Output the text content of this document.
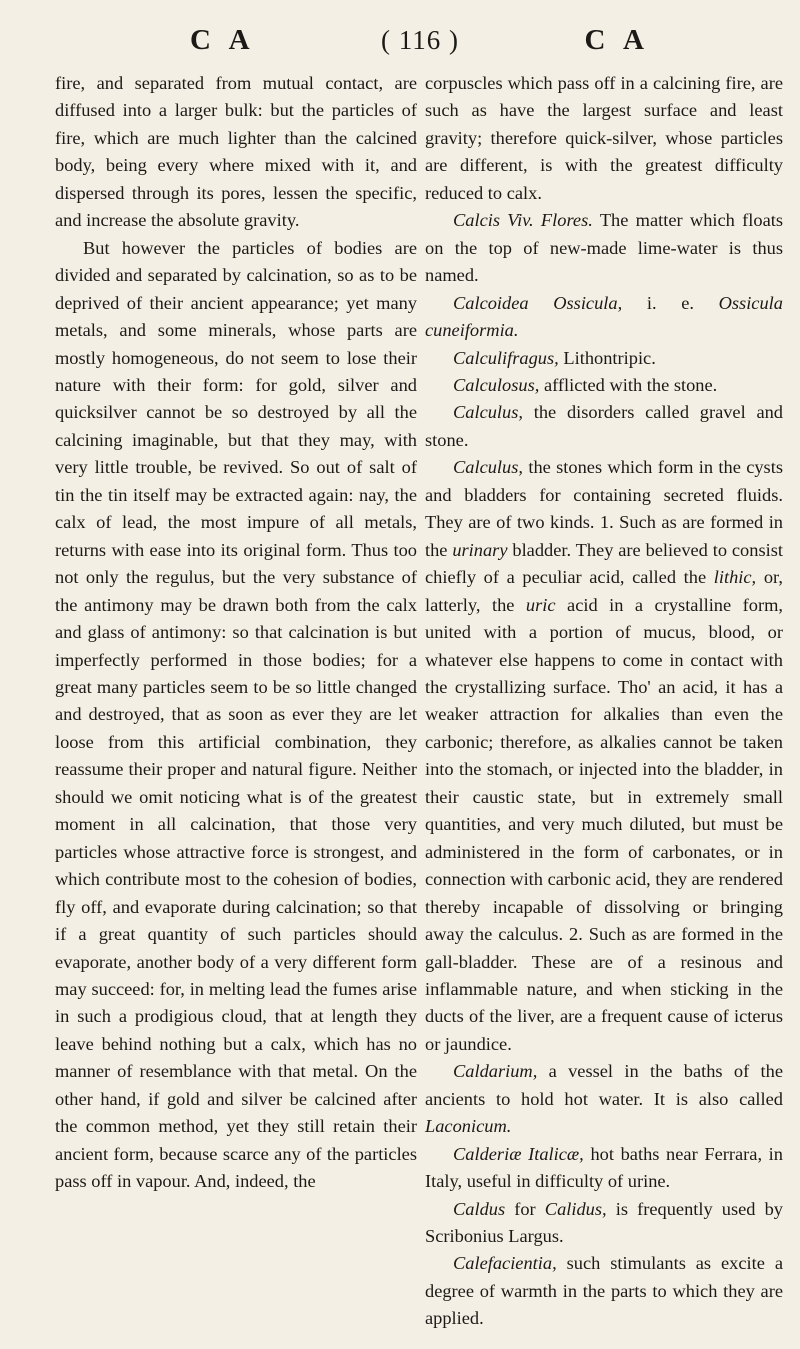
C A	( 116 )	C A

fire, and separated from mutual contact, are diffused into a larger bulk: but the particles of fire, which are much lighter than the calcined body, being every where mixed with it, and dispersed through its pores, lessen the specific, and increase the absolute gravity.

But however the particles of bodies are divided and separated by calcination, so as to be deprived of their ancient appearance; yet many metals, and some minerals, whose parts are mostly homogeneous, do not seem to lose their nature with their form: for gold, silver and quicksilver cannot be so destroyed by all the calcining imaginable, but that they may, with very little trouble, be revived. So out of salt of tin the tin itself may be extracted again: nay, the calx of lead, the most impure of all metals, returns with ease into its original form. Thus too not only the regulus, but the very substance of the antimony may be drawn both from the calx and glass of antimony: so that calcination is but imperfectly performed in those bodies; for a great many particles seem to be so little changed and destroyed, that as soon as ever they are let loose from this artificial combination, they reassume their proper and natural figure. Neither should we omit noticing what is of the greatest moment in all calcination, that those very particles whose attractive force is strongest, and which contribute most to the cohesion of bodies, fly off, and evaporate during calcination; so that if a great quantity of such particles should evaporate, another body of a very different form may succeed: for, in melting lead the fumes arise in such a prodigious cloud, that at length they leave behind nothing but a calx, which has no manner of resemblance with that metal. On the other hand, if gold and silver be calcined after the common method, yet they still retain their ancient form, because scarce any of the particles pass off in vapour. And, indeed, the

corpuscles which pass off in a calcining fire, are such as have the largest surface and least gravity; therefore quick-silver, whose particles are different, is with the greatest difficulty reduced to calx.

Calcis Viv. Flores. The matter which floats on the top of new-made lime-water is thus named.

Calcoidea Ossicula, i. e. Ossicula cuneiformia.

Calculifragus, Lithontripic.

Calculosus, afflicted with the stone.

Calculus, the disorders called gravel and stone.

Calculus, the stones which form in the cysts and bladders for containing secreted fluids. They are of two kinds. 1. Such as are formed in the urinary bladder. They are believed to consist chiefly of a peculiar acid, called the lithic, or, latterly, the uric acid in a crystalline form, united with a portion of mucus, blood, or whatever else happens to come in contact with the crystallizing surface. Tho' an acid, it has a weaker attraction for alkalies than even the carbonic; therefore, as alkalies cannot be taken into the stomach, or injected into the bladder, in their caustic state, but in extremely small quantities, and very much diluted, but must be administered in the form of carbonates, or in connection with carbonic acid, they are rendered thereby incapable of dissolving or bringing away the calculus. 2. Such as are formed in the gall-bladder. These are of a resinous and inflammable nature, and when sticking in the ducts of the liver, are a frequent cause of icterus or jaundice.

Caldarium, a vessel in the baths of the ancients to hold hot water. It is also called Laconicum.

Calderiæ Italicæ, hot baths near Ferrara, in Italy, useful in difficulty of urine.

Caldus for Calidus, is frequently used by Scribonius Largus.

Calefacientia, such stimulants as excite a degree of warmth in the parts to which they are applied.
